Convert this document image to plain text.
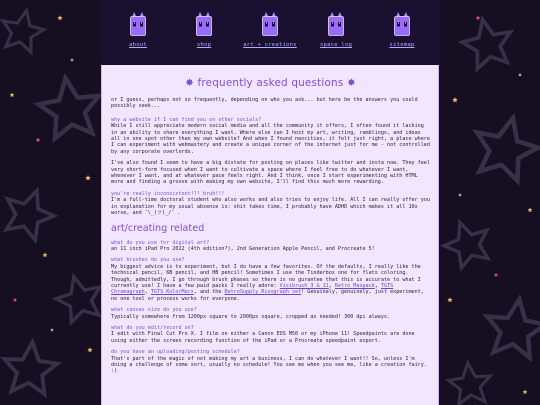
about	shop	art + creations	space log	sitemap
✸ frequently asked questions ✸

or I guess, perhaps not so frequently, depending on who you ask... but here be the answers you could possibly seek...

why a website if I can find you on other socials?

While I still appreciate modern social media and all the community it offers, I often found it lacking in an ability to share everything I want. Where else can I host my art, writing, ramblings, and ideas all in one spot other than my own website? And when I found neocities, it felt just right, a place where I can experiment with webmastery and create a unique corner of the internet just for me - not controlled by any corporate overlords.

I've also found I seem to have a big distate for posting on places like twitter and insta now. They feel very short-form focused when I want to cultivate a space where I feel free to do whatever I want, whenever I want, and at whatever pace feels right. And I think, once I start experimenting with HTML more and finding a groove with making my own website, I'll find this much more rewarding.

you're really inconsistent!?! bruh!!!

I'm a full-time doctoral student who also works and also tries to enjoy life. All I can really offer you in explanation for my usual absence is: shit takes time, I probably have ADHD which makes it all 10x worse, and ¯\_(ツ)_/¯ .

art/creating related

what do you use for digital art?

an 11 inch iPad Pro 2022 (4th edition?), 2nd Generation Apple Pencil, and Procreate 5!

what brushes do you use?

My biggest advice is to experiment, but I do have a few favorites. Of the defaults, I really like the technical pencil, 6B pencil, and HB pencil! Sometimes I use the Tinderbox one for flats coloring. Though, admittedly, I go through brush phases so there is no gurantee that this is accurate to what I currently use! I have a few paid packs I really adore: Visibrush 3 & 11, Retro Maxpack, TGTS Chromagraph, TGTS KolorMarx, and the RetroSupply Risograph set! Genuinely, genuinely, just experiment, no one tool or process works for everyone.

what canvas size do you use?

Typically somewhere from 1200px square to 2000px square, cropped as needed! 300 dpi always.

what do you edit/record on?

I edit with Final Cut Pro X. I film on either a Canon EOS M50 or my iPhone 11! Speedpaints are done using either the screen recording function of the iPad or a Procreate speedpaint export.

do you have an uploading/posting schedule?

That's part of the magic of not making my art a business, I can do whatever I want!! So, unless I'm doing a challenge of some sort, usually no schedule! You see me when you see me, like a creation fairy. :)
